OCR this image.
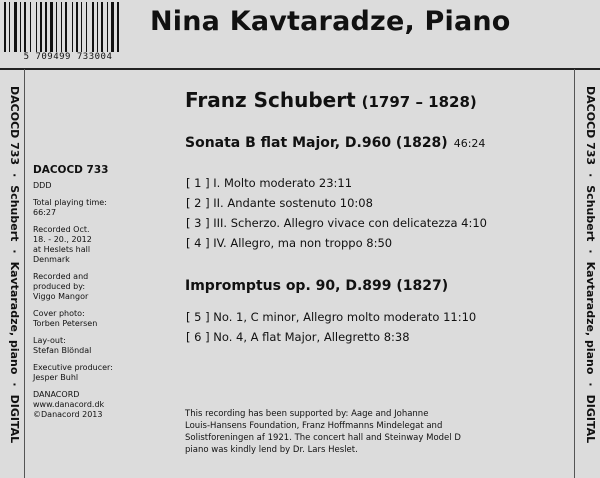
5 709499 733004
Nina Kavtaradze, Piano
DACOCD 733·Schubert·Kavtaradze, piano·DIGITAL
DACOCD 733·Schubert·Kavtaradze, piano·DIGITAL
DACOCD 733
DDD
Total playing time:
66:27
Recorded Oct.
18. - 20., 2012
at Heslets hall
Denmark
Recorded and
produced by:
Viggo Mangor
Cover photo:
Torben Petersen
Lay-out:
Stefan Blöndal
Executive producer:
Jesper Buhl
DANACORD
www.danacord.dk
©Danacord 2013
Franz Schubert (1797 – 1828)
Sonata B flat Major, D.960 (1828) 46:24
[ 1 ] I. Molto moderato 23:11
[ 2 ] II. Andante sostenuto 10:08
[ 3 ] III. Scherzo. Allegro vivace con delicatezza 4:10
[ 4 ] IV. Allegro, ma non troppo 8:50
Impromptus op. 90, D.899 (1827)
[ 5 ] No. 1, C minor, Allegro molto moderato 11:10
[ 6 ] No. 4, A flat Major, Allegretto 8:38
This recording has been supported by: Aage and Johanne
Louis-Hansens Foundation, Franz Hoffmanns Mindelegat and
Solistforeningen af 1921. The concert hall and Steinway Model D
piano was kindly lend by Dr. Lars Heslet.
